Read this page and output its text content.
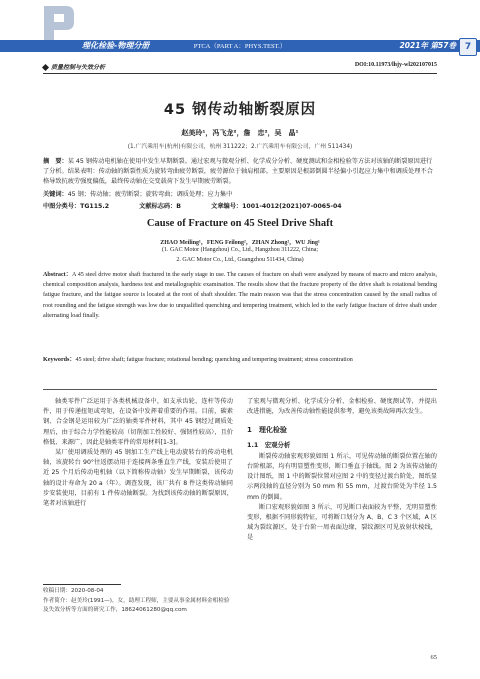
理化检验-物理分册	PTCA（PART A：PHYS.TEST.）	2021年 第57卷 7
质量控制与失效分析	DOI:10.11973/lhjy-wl202107015
45 钢传动轴断裂原因
赵美玲¹，冯飞龙²，詹　忠²，吴　晶¹
(1.广汽乘用车(杭州)有限公司，杭州 311222；2.广汽乘用车有限公司，广州 511434)
摘　要：某 45 钢传动电机轴在使用中发生早期断裂。通过宏观与微观分析、化学成分分析、硬度测试和金相检验等方法对该轴的断裂原因进行了分析。结果表明：传动轴的断裂性质为旋转弯曲疲劳断裂，疲劳源位于轴肩根部。主要原因是根部倒圆半径偏小引起应力集中和调质处理不合格导致抗疲劳强度偏低，最终传动轴在交变载荷下发生早期疲劳断裂。
关键词：45 钢；传动轴；疲劳断裂；旋转弯曲；调质处理；应力集中
中图分类号：TG115.2	文献标志码：B	文章编号：1001-4012(2021)07-0065-04
Cause of Fracture on 45 Steel Drive Shaft
ZHAO Meiling¹，FENG Feilong²，ZHAN Zhong²，WU Jing¹
(1. GAC Motor (Hangzhou) Co., Ltd., Hangzhou 311222, China;
2. GAC Motor Co., Ltd., Guangzhou 511434, China)
Abstract：A 45 steel drive motor shaft fractured in the early stage in use. The causes of fracture on shaft were analyzed by means of macro and micro analysis, chemical composition analysis, hardness test and metallographic examination. The results show that the fracture property of the drive shaft is rotational bending fatigue fracture, and the fatigue source is located at the root of shaft shoulder. The main reason was that the stress concentration caused by the small radius of root rounding and the fatigue strength was low due to unqualified quenching and tempering treatment, which led to the early fatigue fracture of drive shaft under alternating load finally.
Keywords：45 steel; drive shaft; fatigue fracture; rotational bending; quenching and tempering treatment; stress concentration

轴类零件广泛运用于各类机械设备中，如支承齿轮、连杆等传动件，用于传递扭矩或弯矩，在设备中发挥着重要的作用。目前，碳素钢、合金钢是运用较为广泛的轴类零件材料，其中 45 钢经过调质处理后，由于综合力学性能较高（切削加工性较好、强韧性较高），且价格低、来源广，因此是轴类零件的常用材料[1-3]。

某厂使用调质处理的 45 钢加工生产线上电动旋转台的传动电机轴，该旋转台 90°往返摆动用于连接两条垂直生产线，安装后使用了近 25 个月后传动电机轴（以下简称传动轴）发生早期断裂，该传动轴的设计寿命为 20 a（年）。调查发现，该厂共有 8 件这类传动轴同步安装使用，目前有 1 件传动轴断裂。为找到该传动轴的断裂原因，笔者对该轴进行

了宏观与微观分析、化学成分分析、金相检验、硬度测试等，并提出改进措施，为改善传动轴性能提供参考，避免该类故障再次发生。

1　理化检验
1.1　宏观分析

断裂传动轴宏观形貌如图 1 所示，可见传动轴的断裂位置在轴的台阶根部，均有明显塑性变形，断口垂直于轴线。图 2 为该传动轴的设计图纸，图 1 中的断裂位置对应图 2 中的变径过渡台阶处，图纸显示两段轴的直径分别为 50 mm 和 55 mm，过渡台阶处为半径 1.5 mm 的倒圆。

断口宏观形貌如图 3 所示，可见断口表面较为平整，无明显塑性变形，根据不同形貌特征，可将断口划分为 A、B、C 3 个区域，A 区域为裂纹源区，处于台阶一周表面边缘，裂纹源区可见放射状棱线，是

收稿日期：2020-08-04
作者简介：赵美玲(1991—)，女，助理工程师，主要从事金属材料金相检验及失效分析等方面的研究工作，18624061280@qq.com
65
